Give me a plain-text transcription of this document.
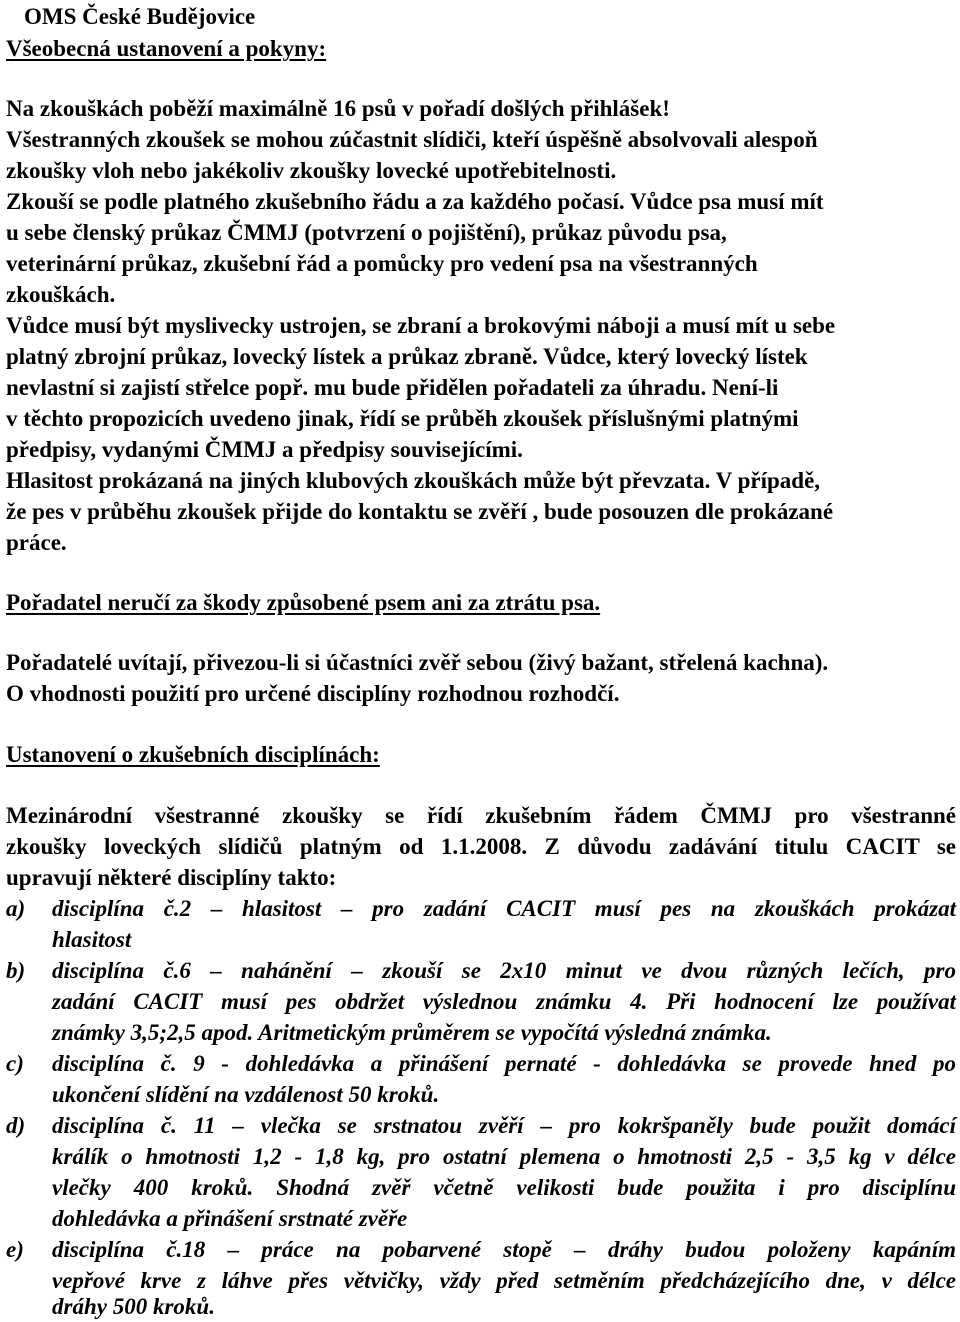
OMS České Budějovice
Všeobecná ustanovení a pokyny:
Na zkouškách poběží maximálně 16 psů v pořadí došlých přihlášek!
Všestranných zkoušek se mohou zúčastnit slídiči, kteří úspěšně absolvovali alespoň
zkoušky vloh nebo jakékoliv zkoušky lovecké upotřebitelnosti.
Zkouší se podle platného zkušebního řádu a za každého počasí. Vůdce psa musí mít
u sebe členský průkaz ČMMJ (potvrzení o pojištění), průkaz původu psa,
veterinární průkaz, zkušební řád a pomůcky pro vedení psa na všestranných
zkouškách.
Vůdce musí být myslivecky ustrojen, se zbraní a brokovými náboji a musí mít u sebe
platný zbrojní průkaz, lovecký lístek a průkaz zbraně. Vůdce, který lovecký lístek
nevlastní si zajistí střelce popř. mu bude přidělen pořadateli za úhradu. Není-li
v těchto propozicích uvedeno jinak, řídí se průběh zkoušek příslušnými platnými
předpisy, vydanými ČMMJ a předpisy souvisejícími.
Hlasitost prokázaná na jiných klubových zkouškách může být převzata. V případě,
že pes v průběhu zkoušek přijde do kontaktu se zvěří , bude posouzen dle prokázané
práce.
Pořadatel neručí za škody způsobené psem ani za ztrátu psa.
Pořadatelé uvítají, přivezou-li si účastníci zvěř sebou (živý bažant, střelená kachna).
O vhodnosti použití pro určené disciplíny rozhodnou rozhodčí.
Ustanovení o zkušebních disciplínách:
Mezinárodní všestranné zkoušky se řídí zkušebním řádem ČMMJ pro všestranné
zkoušky loveckých slídičů platným od 1.1.2008. Z důvodu zadávání titulu CACIT se
upravují některé disciplíny takto:
a)	disciplína č.2 – hlasitost – pro zadání CACIT musí pes na zkouškách prokázat
hlasitost
b)	disciplína č.6 – nahánění – zkouší se 2x10 minut ve dvou různých lečích, pro
zadání CACIT musí pes obdržet výslednou známku 4. Při hodnocení lze používat
známky 3,5;2,5 apod. Aritmetickým průměrem se vypočítá výsledná známka.
c)	disciplína č. 9 - dohledávka a přinášení pernaté - dohledávka se provede hned po
ukončení slídění na vzdálenost 50 kroků.
d)	disciplína č. 11 – vlečka se srstnatou zvěří – pro kokršpaněly bude použit domácí
králík o hmotnosti 1,2 - 1,8 kg, pro ostatní plemena o hmotnosti 2,5 - 3,5 kg v délce
vlečky 400 kroků. Shodná zvěř včetně velikosti bude použita i pro disciplínu
dohledávka a přinášení srstnaté zvěře
e)	disciplína č.18 – práce na pobarvené stopě – dráhy budou položeny kapáním
vepřové krve z láhve přes větvičky, vždy před setměním předcházejícího dne, v délce
dráhy 500 kroků.
